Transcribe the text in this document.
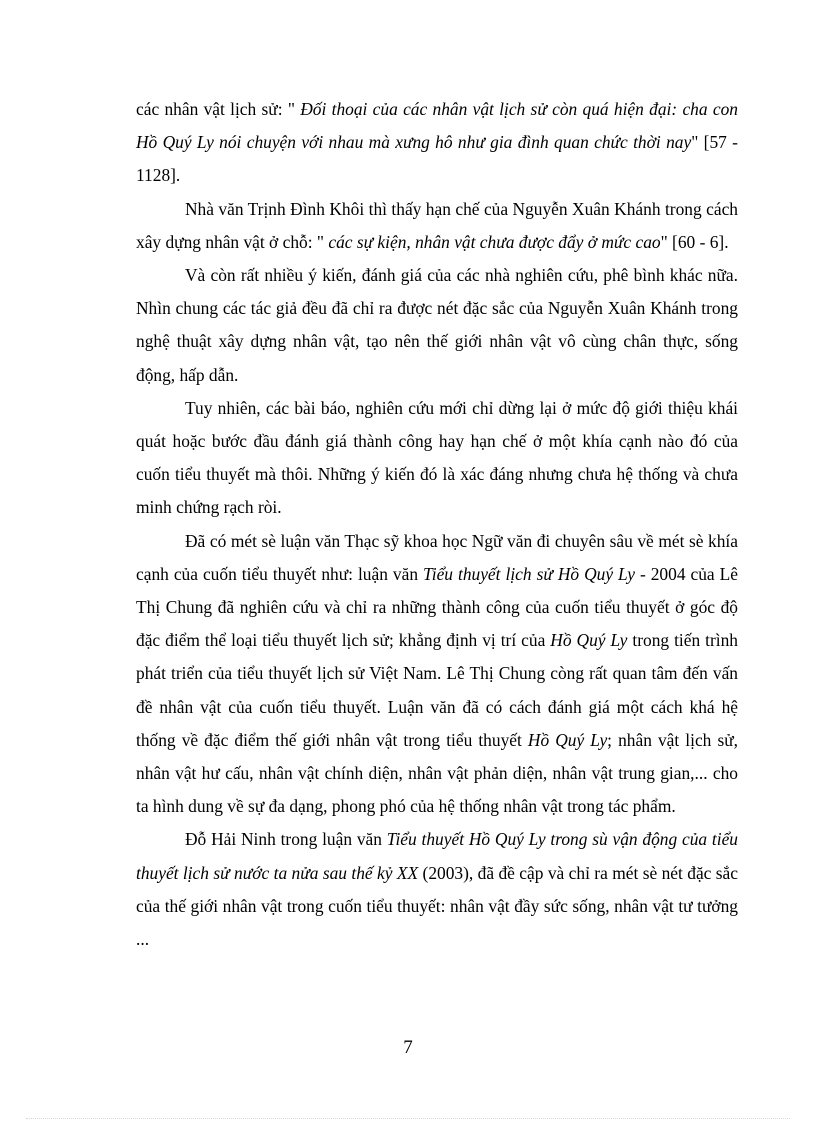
các nhân vật lịch sử: " Đối thoại của các nhân vật lịch sử còn quá hiện đại: cha con Hồ Quý Ly nói chuyện với nhau mà xưng hô như gia đình quan chức thời nay" [57 - 1128].

Nhà văn Trịnh Đình Khôi thì thấy hạn chế của Nguyễn Xuân Khánh trong cách xây dựng nhân vật ở chỗ: " các sự kiện, nhân vật chưa được đẩy ở mức cao" [60 - 6].

Và còn rất nhiều ý kiến, đánh giá của các nhà nghiên cứu, phê bình khác nữa. Nhìn chung các tác giả đều đã chỉ ra được nét đặc sắc của Nguyễn Xuân Khánh trong nghệ thuật xây dựng nhân vật, tạo nên thế giới nhân vật vô cùng chân thực, sống động, hấp dẫn.

Tuy nhiên, các bài báo, nghiên cứu mới chỉ dừng lại ở mức độ giới thiệu khái quát hoặc bước đầu đánh giá thành công hay hạn chế ở một khía cạnh nào đó của cuốn tiểu thuyết mà thôi. Những ý kiến đó là xác đáng nhưng chưa hệ thống và chưa minh chứng rạch ròi.

Đã có mét sè luận văn Thạc sỹ khoa học Ngữ văn đi chuyên sâu về mét sè khía cạnh của cuốn tiểu thuyết như: luận văn Tiểu thuyết lịch sử Hồ Quý Ly - 2004 của Lê Thị Chung đã nghiên cứu và chỉ ra những thành công của cuốn tiểu thuyết ở góc độ đặc điểm thể loại tiểu thuyết lịch sử; khẳng định vị trí của Hồ Quý Ly trong tiến trình phát triển của tiểu thuyết lịch sử Việt Nam. Lê Thị Chung còng rất quan tâm đến vấn đề nhân vật của cuốn tiểu thuyết. Luận văn đã có cách đánh giá một cách khá hệ thống về đặc điểm thế giới nhân vật trong tiểu thuyết Hồ Quý Ly; nhân vật lịch sử, nhân vật hư cấu, nhân vật chính diện, nhân vật phản diện, nhân vật trung gian,... cho ta hình dung về sự đa dạng, phong phó của hệ thống nhân vật trong tác phẩm.

Đỗ Hải Ninh trong luận văn Tiểu thuyết Hồ Quý Ly trong sù vận động của tiểu thuyết lịch sử nước ta nửa sau thế kỷ XX (2003), đã đề cập và chỉ ra mét sè nét đặc sắc của thế giới nhân vật trong cuốn tiểu thuyết: nhân vật đầy sức sống, nhân vật tư tưởng ...

7
